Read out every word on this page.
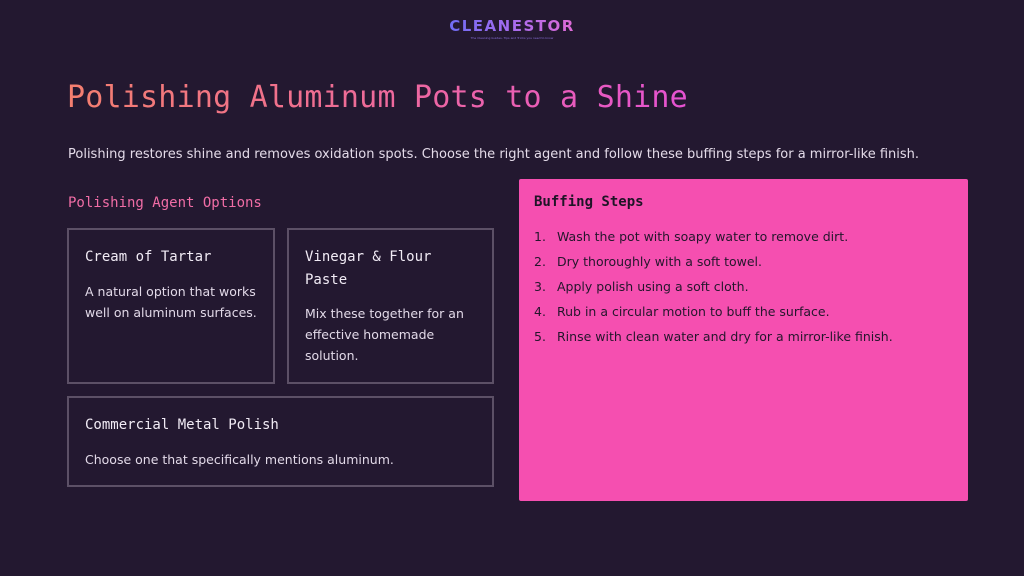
CLEANESTOR
The Cleaning Guides, Tips and Tricks you need to know
Polishing Aluminum Pots to a Shine

Polishing restores shine and removes oxidation spots. Choose the right agent and follow these buffing steps for a mirror-like finish.

Polishing Agent Options
Cream of Tartar

A natural option that works well on aluminum surfaces.

Vinegar & Flour Paste

Mix these together for an effective homemade solution.

Commercial Metal Polish

Choose one that specifically mentions aluminum.

Buffing Steps
1. Wash the pot with soapy water to remove dirt.
2. Dry thoroughly with a soft towel.
3. Apply polish using a soft cloth.
4. Rub in a circular motion to buff the surface.
5. Rinse with clean water and dry for a mirror-like finish.
